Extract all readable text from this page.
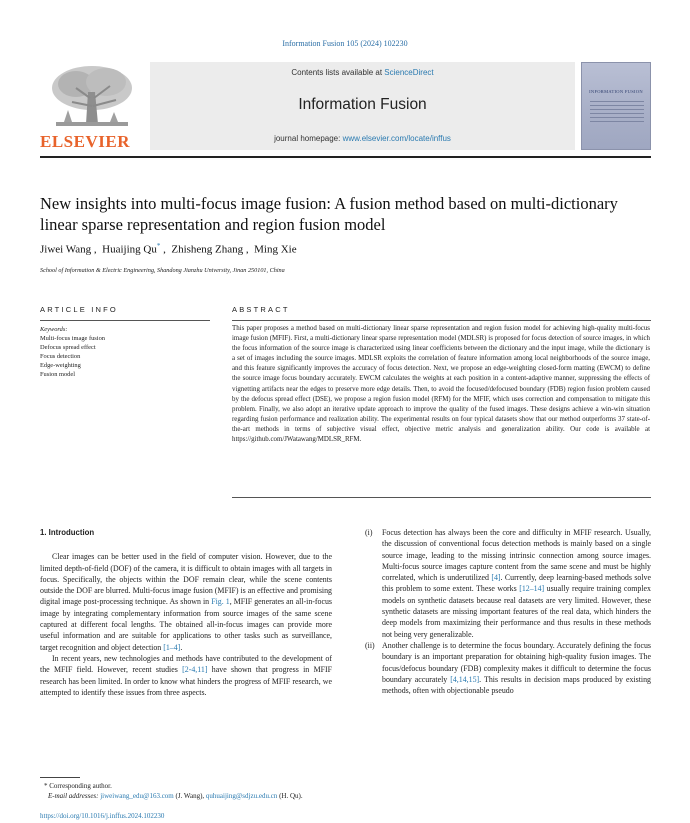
Information Fusion 105 (2024) 102230
ELSEVIER
Contents lists available at ScienceDirect
Information Fusion
journal homepage: www.elsevier.com/locate/inffus
INFORMATION FUSION
New insights into multi-focus image fusion: A fusion method based on multi-dictionary linear sparse representation and region fusion model
Jiwei Wang ,  Huaijing Qu* ,  Zhisheng Zhang ,  Ming Xie
School of Information & Electric Engineering, Shandong Jianzhu University, Jinan 250101, China
ARTICLE INFO	ABSTRACT
Keywords:
Multi-focus image fusion
Defocus spread effect
Focus detection
Edge-weighting
Fusion model
This paper proposes a method based on multi-dictionary linear sparse representation and region fusion model for achieving high-quality multi-focus image fusion (MFIF). First, a multi-dictionary linear sparse representation model (MDLSR) is proposed for focus detection of source images, in which the focus information of the source image is characterized using linear coefficients between the dictionary and the input image, while the dictionary is a set of images including the source images. MDLSR exploits the correlation of feature information among local neighborhoods of the source image, and this feature significantly improves the accuracy of focus detection. Next, we propose an edge-weighting closed-form matting (EWCM) to define the source image focus boundary accurately. EWCM calculates the weights at each position in a content-adaptive manner, suppressing the effects of vignetting artifacts near the edges to preserve more edge details. Then, to avoid the focused/defocused boundary (FDB) region fusion problem caused by the defocus spread effect (DSE), we propose a region fusion model (RFM) for the MFIF, which uses correction and compensation to mitigate this problem. Finally, we also adopt an iterative update approach to improve the quality of the fused images. These designs achieve a win-win situation regarding fusion performance and realization ability. The experimental results on four typical datasets show that our method outperforms 37 state-of-the-art methods in terms of subjective visual effect, objective metric analysis and generalization ability. Our code is available at https://github.com/JWatawang/MDLSR_RFM.
1. Introduction

Clear images can be better used in the field of computer vision. However, due to the limited depth-of-field (DOF) of the camera, it is difficult to obtain images with all targets in focus. Specifically, the objects within the DOF remain clear, while the scene contents outside the DOF are blurred. Multi-focus image fusion (MFIF) is an effective and promising digital image post-processing technique. As shown in Fig. 1, MFIF generates an all-in-focus image by integrating complementary information from source images of the same scene captured at different focal lengths. The obtained all-in-focus images can provide more useful information and are suitable for applications to other tasks such as surveillance, target recognition and object detection [1–4].

In recent years, new technologies and methods have contributed to the development of the MFIF field. However, recent studies [2-4,11] have shown that progress in MFIF research has been limited. In order to know what hinders the progress of MFIF research, we attempted to identify these issues from three aspects.

(i) Focus detection has always been the core and difficulty in MFIF research. Usually, the discussion of conventional focus detection methods is mainly based on a single source image, leading to the missing intrinsic connection among source images. Multi-focus source images capture content from the same scene and must be highly correlated, which is underutilized [4]. Currently, deep learning-based methods solve this problem to some extent. These works [12–14] usually require training complex models on synthetic datasets because real datasets are very limited. However, these synthetic datasets are missing important features of the real data, which hinders the deep models from maximizing their performance and thus results in these methods not being very generalizable.
(ii) Another challenge is to determine the focus boundary. Accurately defining the focus boundary is an important preparation for obtaining high-quality fusion images. The focus/defocus boundary (FDB) complexity makes it difficult to determine the focus boundary accurately [4,14,15]. This results in decision maps produced by existing methods, often with objectionable pseudo
* Corresponding author.
E-mail addresses: jiweiwang_edu@163.com (J. Wang), quhuaijing@sdjzu.edu.cn (H. Qu).
https://doi.org/10.1016/j.inffus.2024.102230
